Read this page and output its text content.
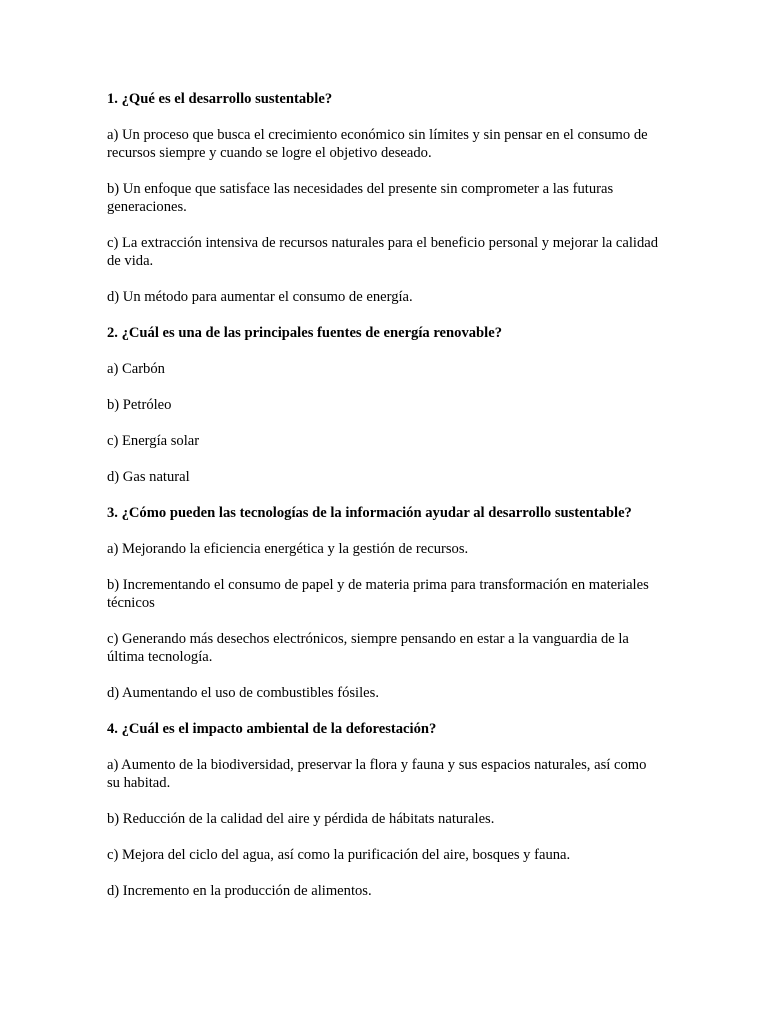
1. ¿Qué es el desarrollo sustentable?
a) Un proceso que busca el crecimiento económico sin límites y sin pensar en el consumo de recursos siempre y cuando se logre el objetivo deseado.
b) Un enfoque que satisface las necesidades del presente sin comprometer a las futuras generaciones.
c) La extracción intensiva de recursos naturales para el beneficio personal y mejorar la calidad de vida.
d) Un método para aumentar el consumo de energía.
2. ¿Cuál es una de las principales fuentes de energía renovable?
a) Carbón
b) Petróleo
c) Energía solar
d) Gas natural
3. ¿Cómo pueden las tecnologías de la información ayudar al desarrollo sustentable?
a) Mejorando la eficiencia energética y la gestión de recursos.
b) Incrementando el consumo de papel y de materia prima para transformación en materiales técnicos
c) Generando más desechos electrónicos, siempre pensando en estar a la vanguardia de la última tecnología.
d) Aumentando el uso de combustibles fósiles.
4. ¿Cuál es el impacto ambiental de la deforestación?
a) Aumento de la biodiversidad, preservar la flora y fauna y sus espacios naturales, así como su habitad.
b) Reducción de la calidad del aire y pérdida de hábitats naturales.
c) Mejora del ciclo del agua, así como la purificación del aire, bosques y fauna.
d) Incremento en la producción de alimentos.
